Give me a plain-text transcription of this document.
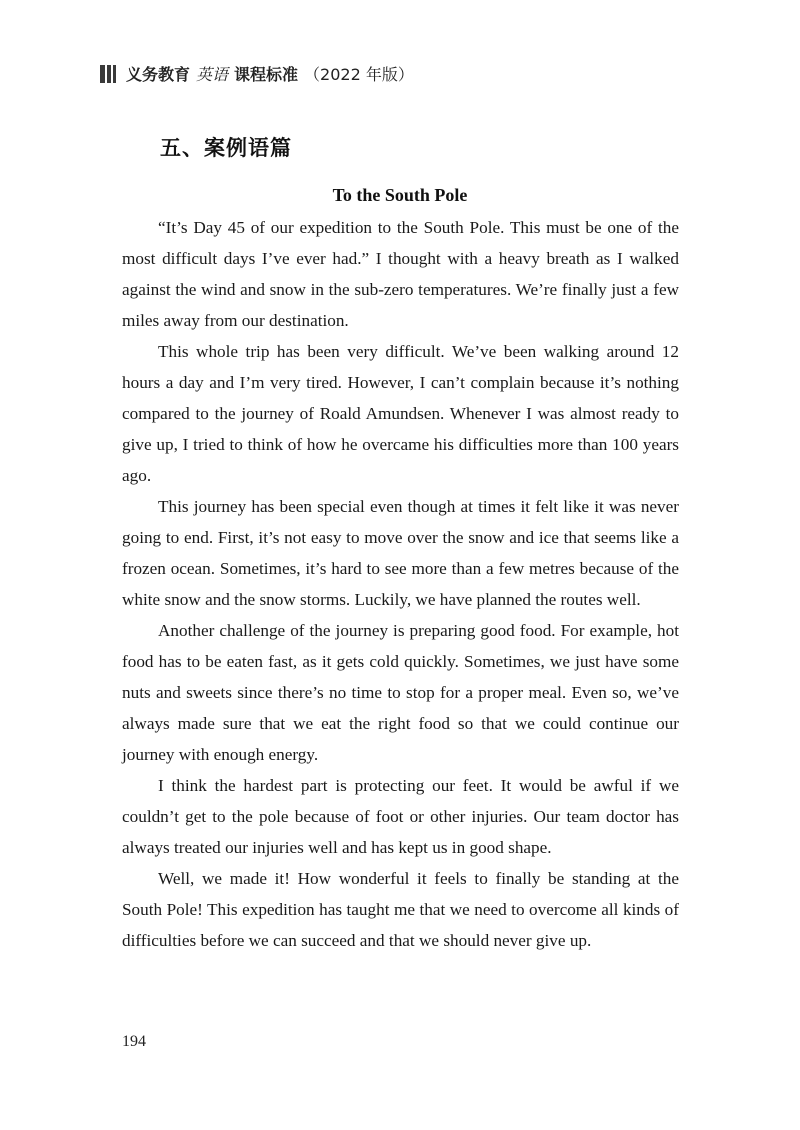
义务教育 英语 课程标准 （2022 年版）
五、案例语篇
To the South Pole

“It’s Day 45 of our expedition to the South Pole. This must be one of the most difficult days I’ve ever had.” I thought with a heavy breath as I walked against the wind and snow in the sub-zero temperatures. We’re finally just a few miles away from our destination.

This whole trip has been very difficult. We’ve been walking around 12 hours a day and I’m very tired. However, I can’t complain because it’s nothing compared to the journey of Roald Amundsen. Whenever I was almost ready to give up, I tried to think of how he overcame his difficulties more than 100 years ago.

This journey has been special even though at times it felt like it was never going to end. First, it’s not easy to move over the snow and ice that seems like a frozen ocean. Sometimes, it’s hard to see more than a few metres because of the white snow and the snow storms. Luckily, we have planned the routes well.

Another challenge of the journey is preparing good food. For example, hot food has to be eaten fast, as it gets cold quickly. Sometimes, we just have some nuts and sweets since there’s no time to stop for a proper meal. Even so, we’ve always made sure that we eat the right food so that we could continue our journey with enough energy.

I think the hardest part is protecting our feet. It would be awful if we couldn’t get to the pole because of foot or other injuries. Our team doctor has always treated our injuries well and has kept us in good shape.

Well, we made it! How wonderful it feels to finally be standing at the South Pole! This expedition has taught me that we need to overcome all kinds of difficulties before we can succeed and that we should never give up.

194
